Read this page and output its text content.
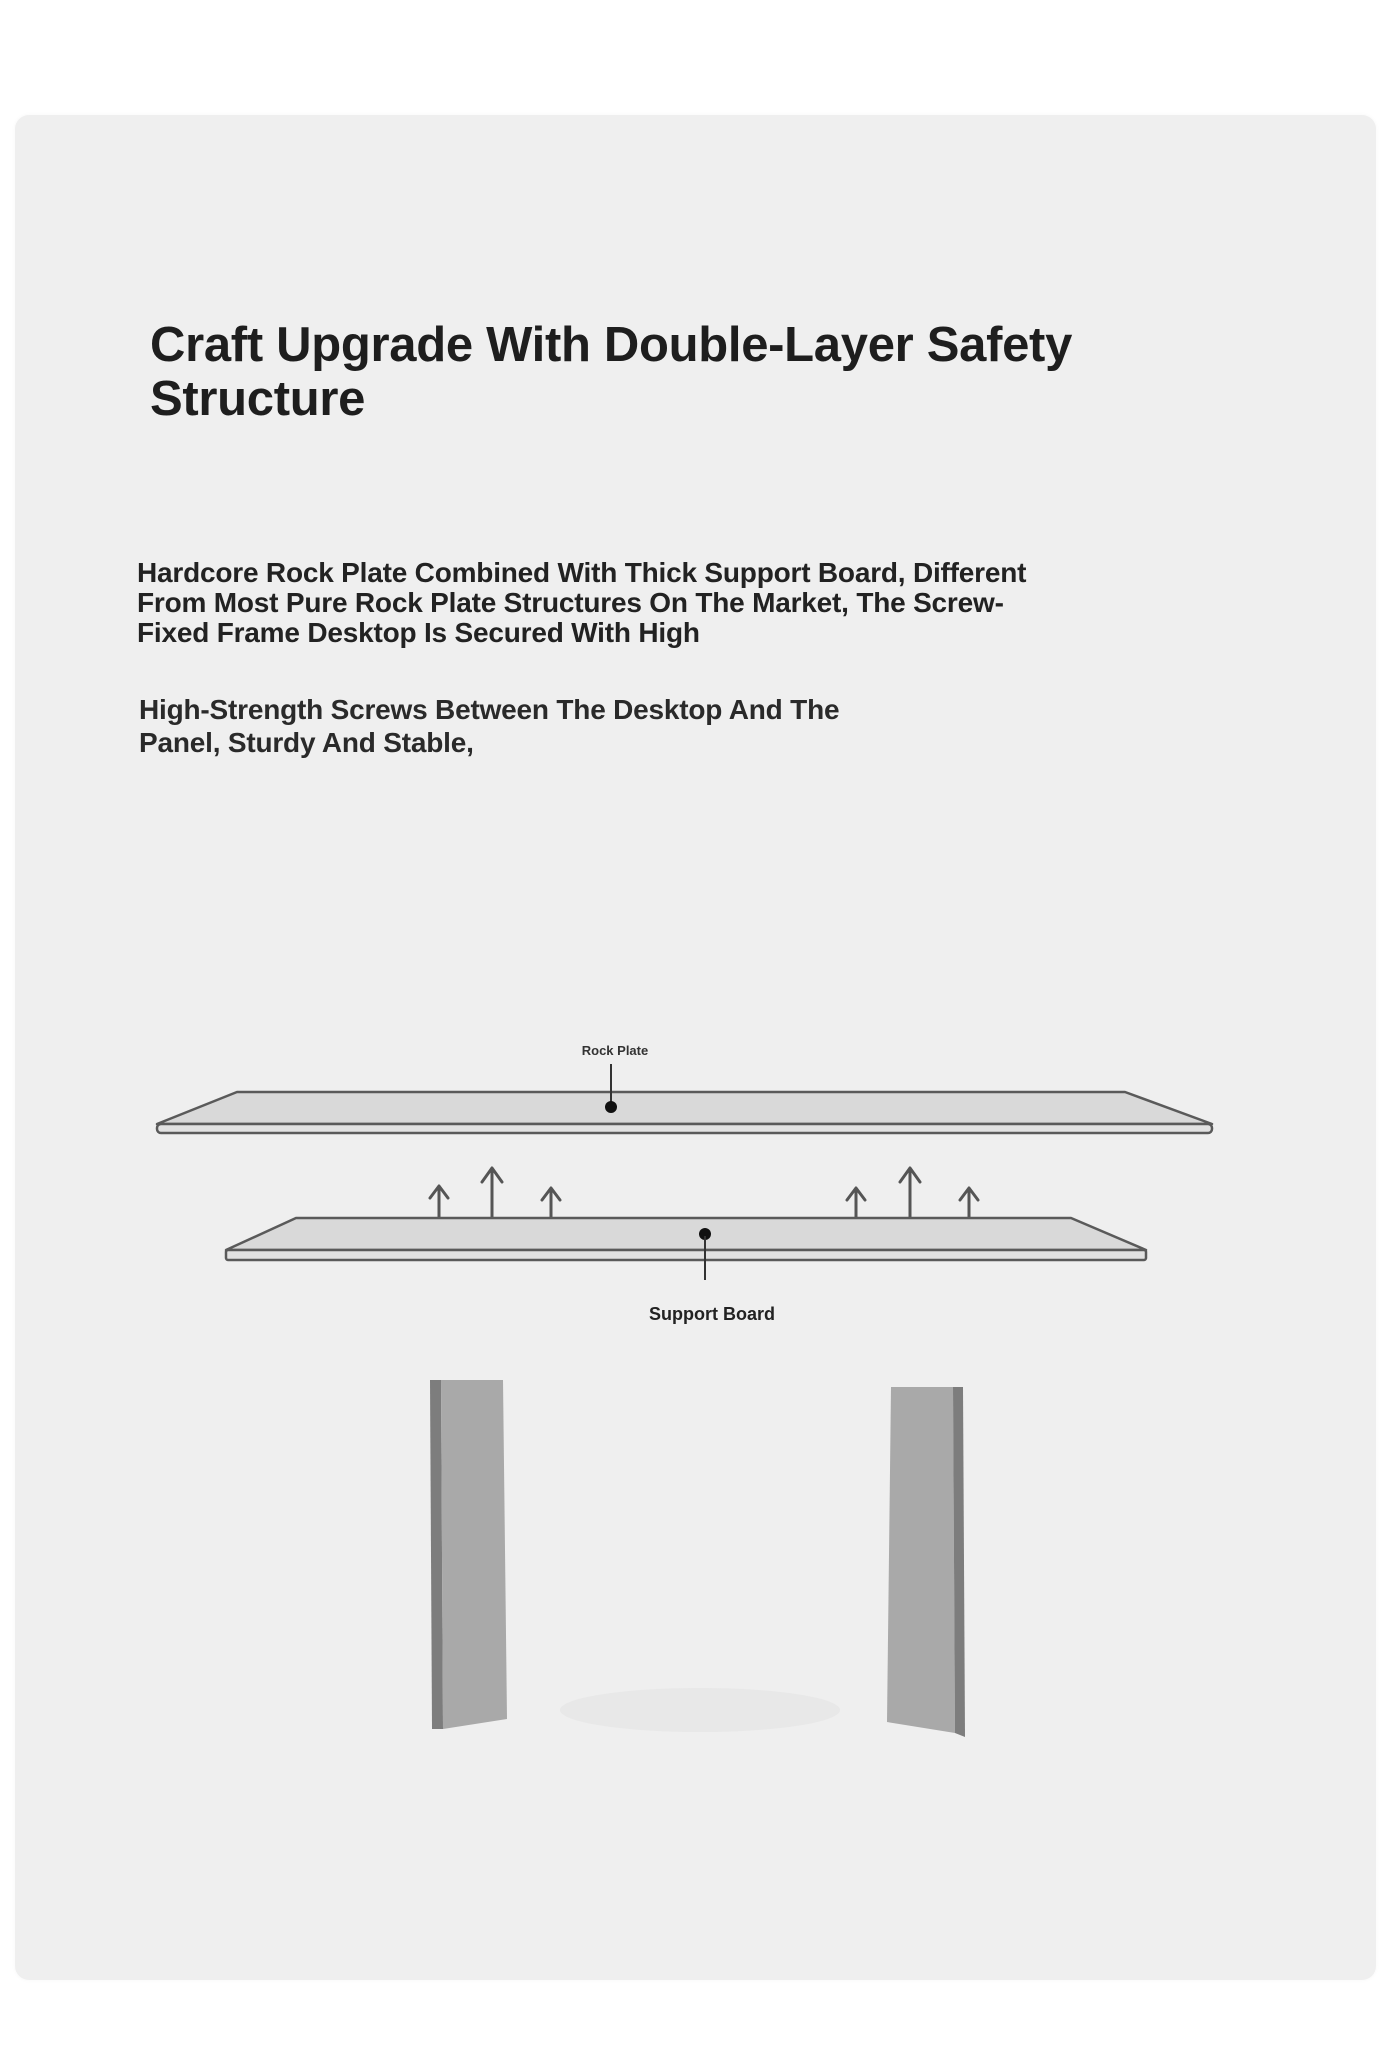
Craft Upgrade With Double-Layer Safety Structure

Hardcore Rock Plate Combined With Thick Support Board, Different From Most Pure Rock Plate Structures On The Market, The Screw-Fixed Frame Desktop Is Secured With High

High-Strength Screws Between The Desktop And The Panel, Sturdy And Stable,

Rock Plate
Support Board
